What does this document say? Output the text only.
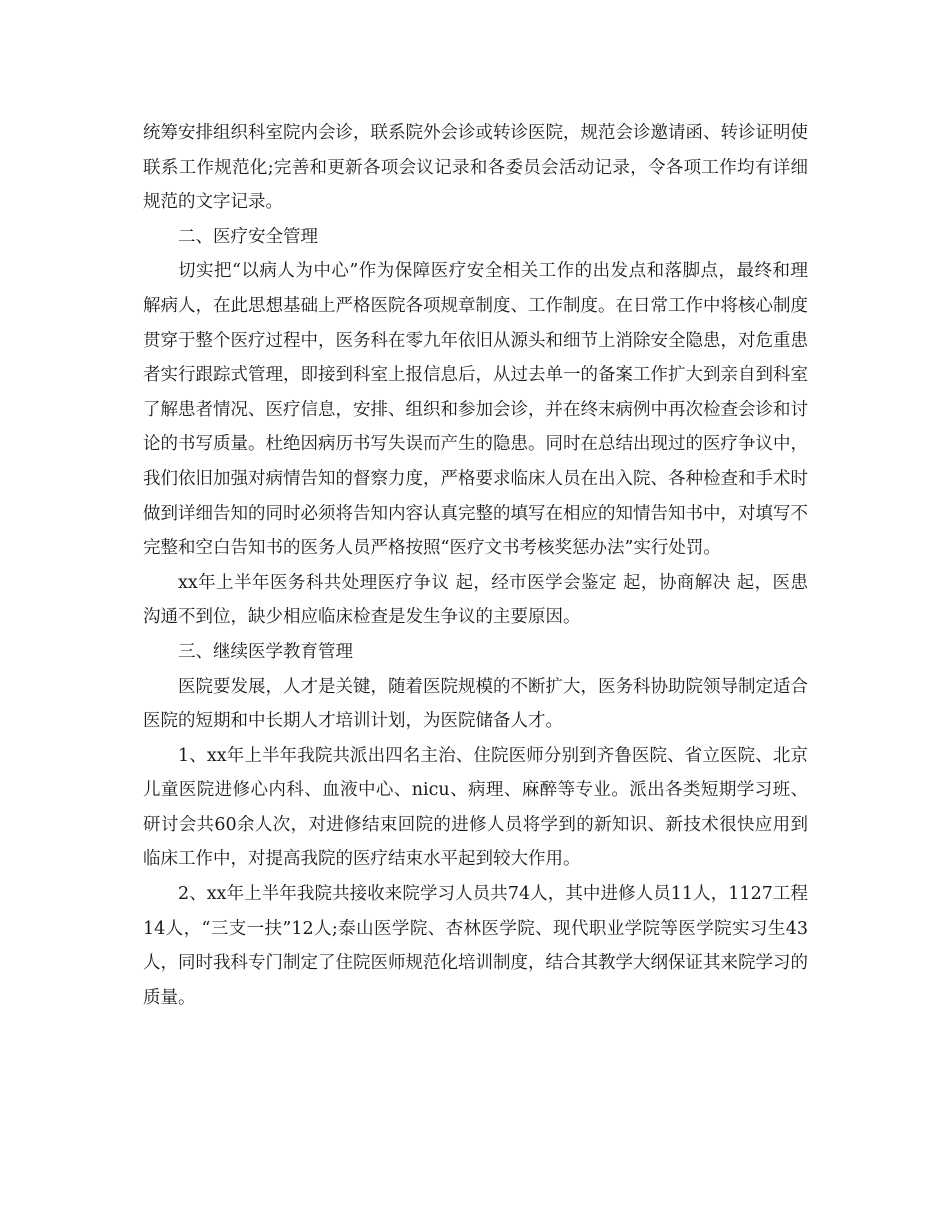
统筹安排组织科室院内会诊，联系院外会诊或转诊医院，规范会诊邀请函、转诊证明使联系工作规范化;完善和更新各项会议记录和各委员会活动记录，令各项工作均有详细规范的文字记录。

二、医疗安全管理

切实把“以病人为中心”作为保障医疗安全相关工作的出发点和落脚点，最终和理解病人，在此思想基础上严格医院各项规章制度、工作制度。在日常工作中将核心制度贯穿于整个医疗过程中，医务科在零九年依旧从源头和细节上消除安全隐患，对危重患者实行跟踪式管理，即接到科室上报信息后，从过去单一的备案工作扩大到亲自到科室了解患者情况、医疗信息，安排、组织和参加会诊，并在终末病例中再次检查会诊和讨论的书写质量。杜绝因病历书写失误而产生的隐患。同时在总结出现过的医疗争议中，我们依旧加强对病情告知的督察力度，严格要求临床人员在出入院、各种检查和手术时做到详细告知的同时必须将告知内容认真完整的填写在相应的知情告知书中，对填写不完整和空白告知书的医务人员严格按照“医疗文书考核奖惩办法”实行处罚。

xx年上半年医务科共处理医疗争议 起，经市医学会鉴定 起，协商解决 起，医患沟通不到位，缺少相应临床检查是发生争议的主要原因。

三、继续医学教育管理

医院要发展，人才是关键，随着医院规模的不断扩大，医务科协助院领导制定适合医院的短期和中长期人才培训计划，为医院储备人才。

1、xx年上半年我院共派出四名主治、住院医师分别到齐鲁医院、省立医院、北京儿童医院进修心内科、血液中心、nicu、病理、麻醉等专业。派出各类短期学习班、研讨会共60余人次，对进修结束回院的进修人员将学到的新知识、新技术很快应用到临床工作中，对提高我院的医疗结束水平起到较大作用。

2、xx年上半年我院共接收来院学习人员共74人，其中进修人员11人，1127工程14人，“三支一扶”12人;泰山医学院、杏林医学院、现代职业学院等医学院实习生43人，同时我科专门制定了住院医师规范化培训制度，结合其教学大纲保证其来院学习的质量。
